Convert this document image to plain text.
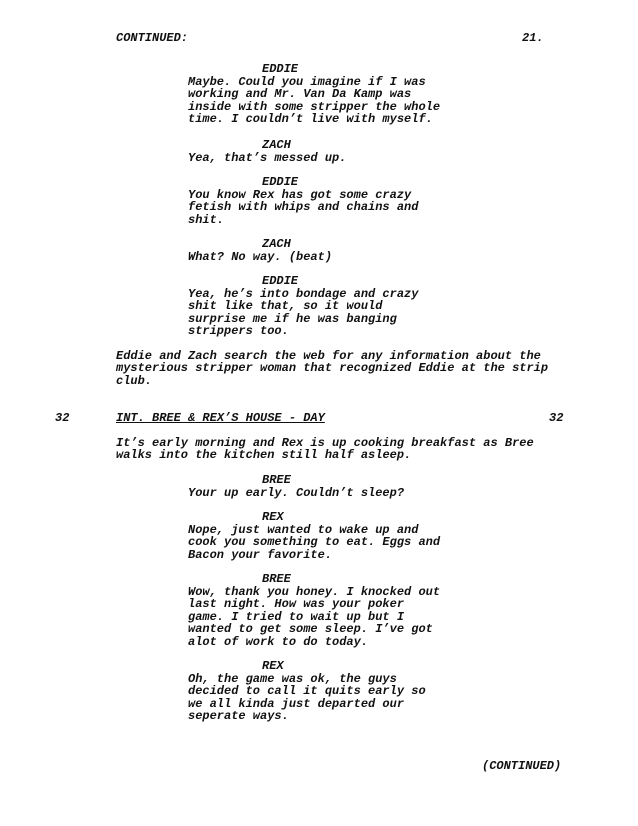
CONTINUED:	21.
EDDIE
Maybe. Could you imagine if I was
working and Mr. Van Da Kamp was
inside with some stripper the whole
time. I couldn’t live with myself.
ZACH
Yea, that’s messed up.
EDDIE
You know Rex has got some crazy
fetish with whips and chains and
shit.
ZACH
What? No way. (beat)
EDDIE
Yea, he’s into bondage and crazy
shit like that, so it would
surprise me if he was banging
strippers too.
Eddie and Zach search the web for any information about the
mysterious stripper woman that recognized Eddie at the strip
club.
32	INT. BREE & REX’S HOUSE - DAY	32
It’s early morning and Rex is up cooking breakfast as Bree
walks into the kitchen still half asleep.
BREE
Your up early. Couldn’t sleep?
REX
Nope, just wanted to wake up and
cook you something to eat. Eggs and
Bacon your favorite.
BREE
Wow, thank you honey. I knocked out
last night. How was your poker
game. I tried to wait up but I
wanted to get some sleep. I’ve got
alot of work to do today.
REX
Oh, the game was ok, the guys
decided to call it quits early so
we all kinda just departed our
seperate ways.
(CONTINUED)
